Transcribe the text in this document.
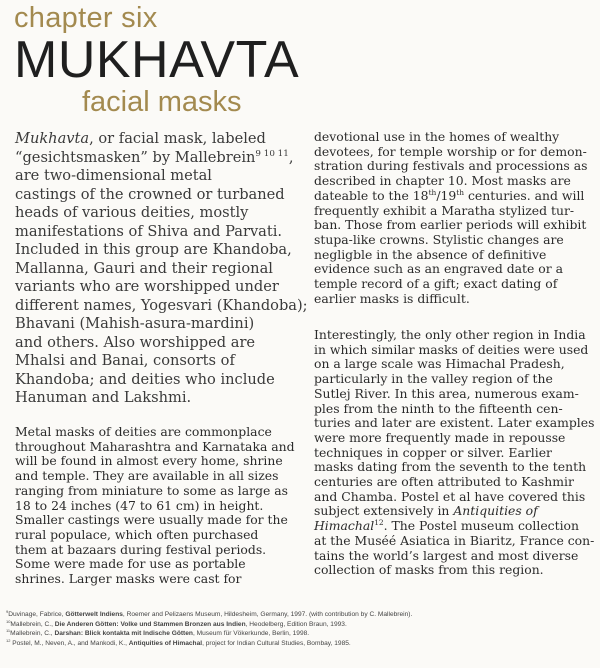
chapter six
MUKHAVTA
facial masks

Mukhavta, or facial mask, labeled

“gesichtsmasken” by Mallebrein$^{9 10 11}$,

are two-dimensional metal

castings of the crowned or turbaned

heads of various deities, mostly

manifestations of Shiva and Parvati.

Included in this group are Khandoba,

Mallanna, Gauri and their regional

variants who are worshipped under

different names, Yogesvari (Khandoba);

Bhavani (Mahish-asura-mardini)

and others. Also worshipped are

Mhalsi and Banai, consorts of

Khandoba; and deities who include

Hanuman and Lakshmi.

Metal masks of deities are commonplace

throughout Maharashtra and Karnataka and

will be found in almost every home, shrine

and temple. They are available in all sizes

ranging from miniature to some as large as

18 to 24 inches (47 to 61 cm) in height.

Smaller castings were usually made for the

rural populace, which often purchased

them at bazaars during festival periods.

Some were made for use as portable

shrines. Larger masks were cast for

devotional use in the homes of wealthy

devotees, for temple worship or for demon-

stration during festivals and processions as

described in chapter 10. Most masks are

dateable to the 18th/19th centuries. and will

frequently exhibit a Maratha stylized tur-

ban. Those from earlier periods will exhibit

stupa-like crowns. Stylistic changes are

negligble in the absence of definitive

evidence such as an engraved date or a

temple record of a gift; exact dating of

earlier masks is difficult.

Interestingly, the only other region in India

in which similar masks of deities were used

on a large scale was Himachal Pradesh,

particularly in the valley region of the

Sutlej River. In this area, numerous exam-

ples from the ninth to the fifteenth cen-

turies and later are existent. Later examples

were more frequently made in repousse

techniques in copper or silver. Earlier

masks dating from the seventh to the tenth

centuries are often attributed to Kashmir

and Chamba. Postel et al have covered this

subject extensively in Antiquities of

Himachal$^{12}$. The Postel museum collection

at the Muséé Asiatica in Biaritz, France con-

tains the world’s largest and most diverse

collection of masks from this region.

$^9$Duvinage, Fabrice, Götterwelt Indiens, Roemer and Pelizaens Museum, Hildesheim, Germany, 1997. (with contribution by C. Mallebrein).
$^{10}$Mallebrein, C., Die Anderen Götten: Volke und Stammen Bronzen aus Indien, Heodelberg, Edition Braun, 1993.
$^{11}$Mallebrein, C., Darshan: Blick kontakta mit Indische Götten, Museum für Vökerkunde, Berlin, 1998.
$^{12}$ Postel, M., Neven, A., and Mankodi, K., Antiquities of Himachal, project for Indian Cultural Studies, Bombay, 1985.
